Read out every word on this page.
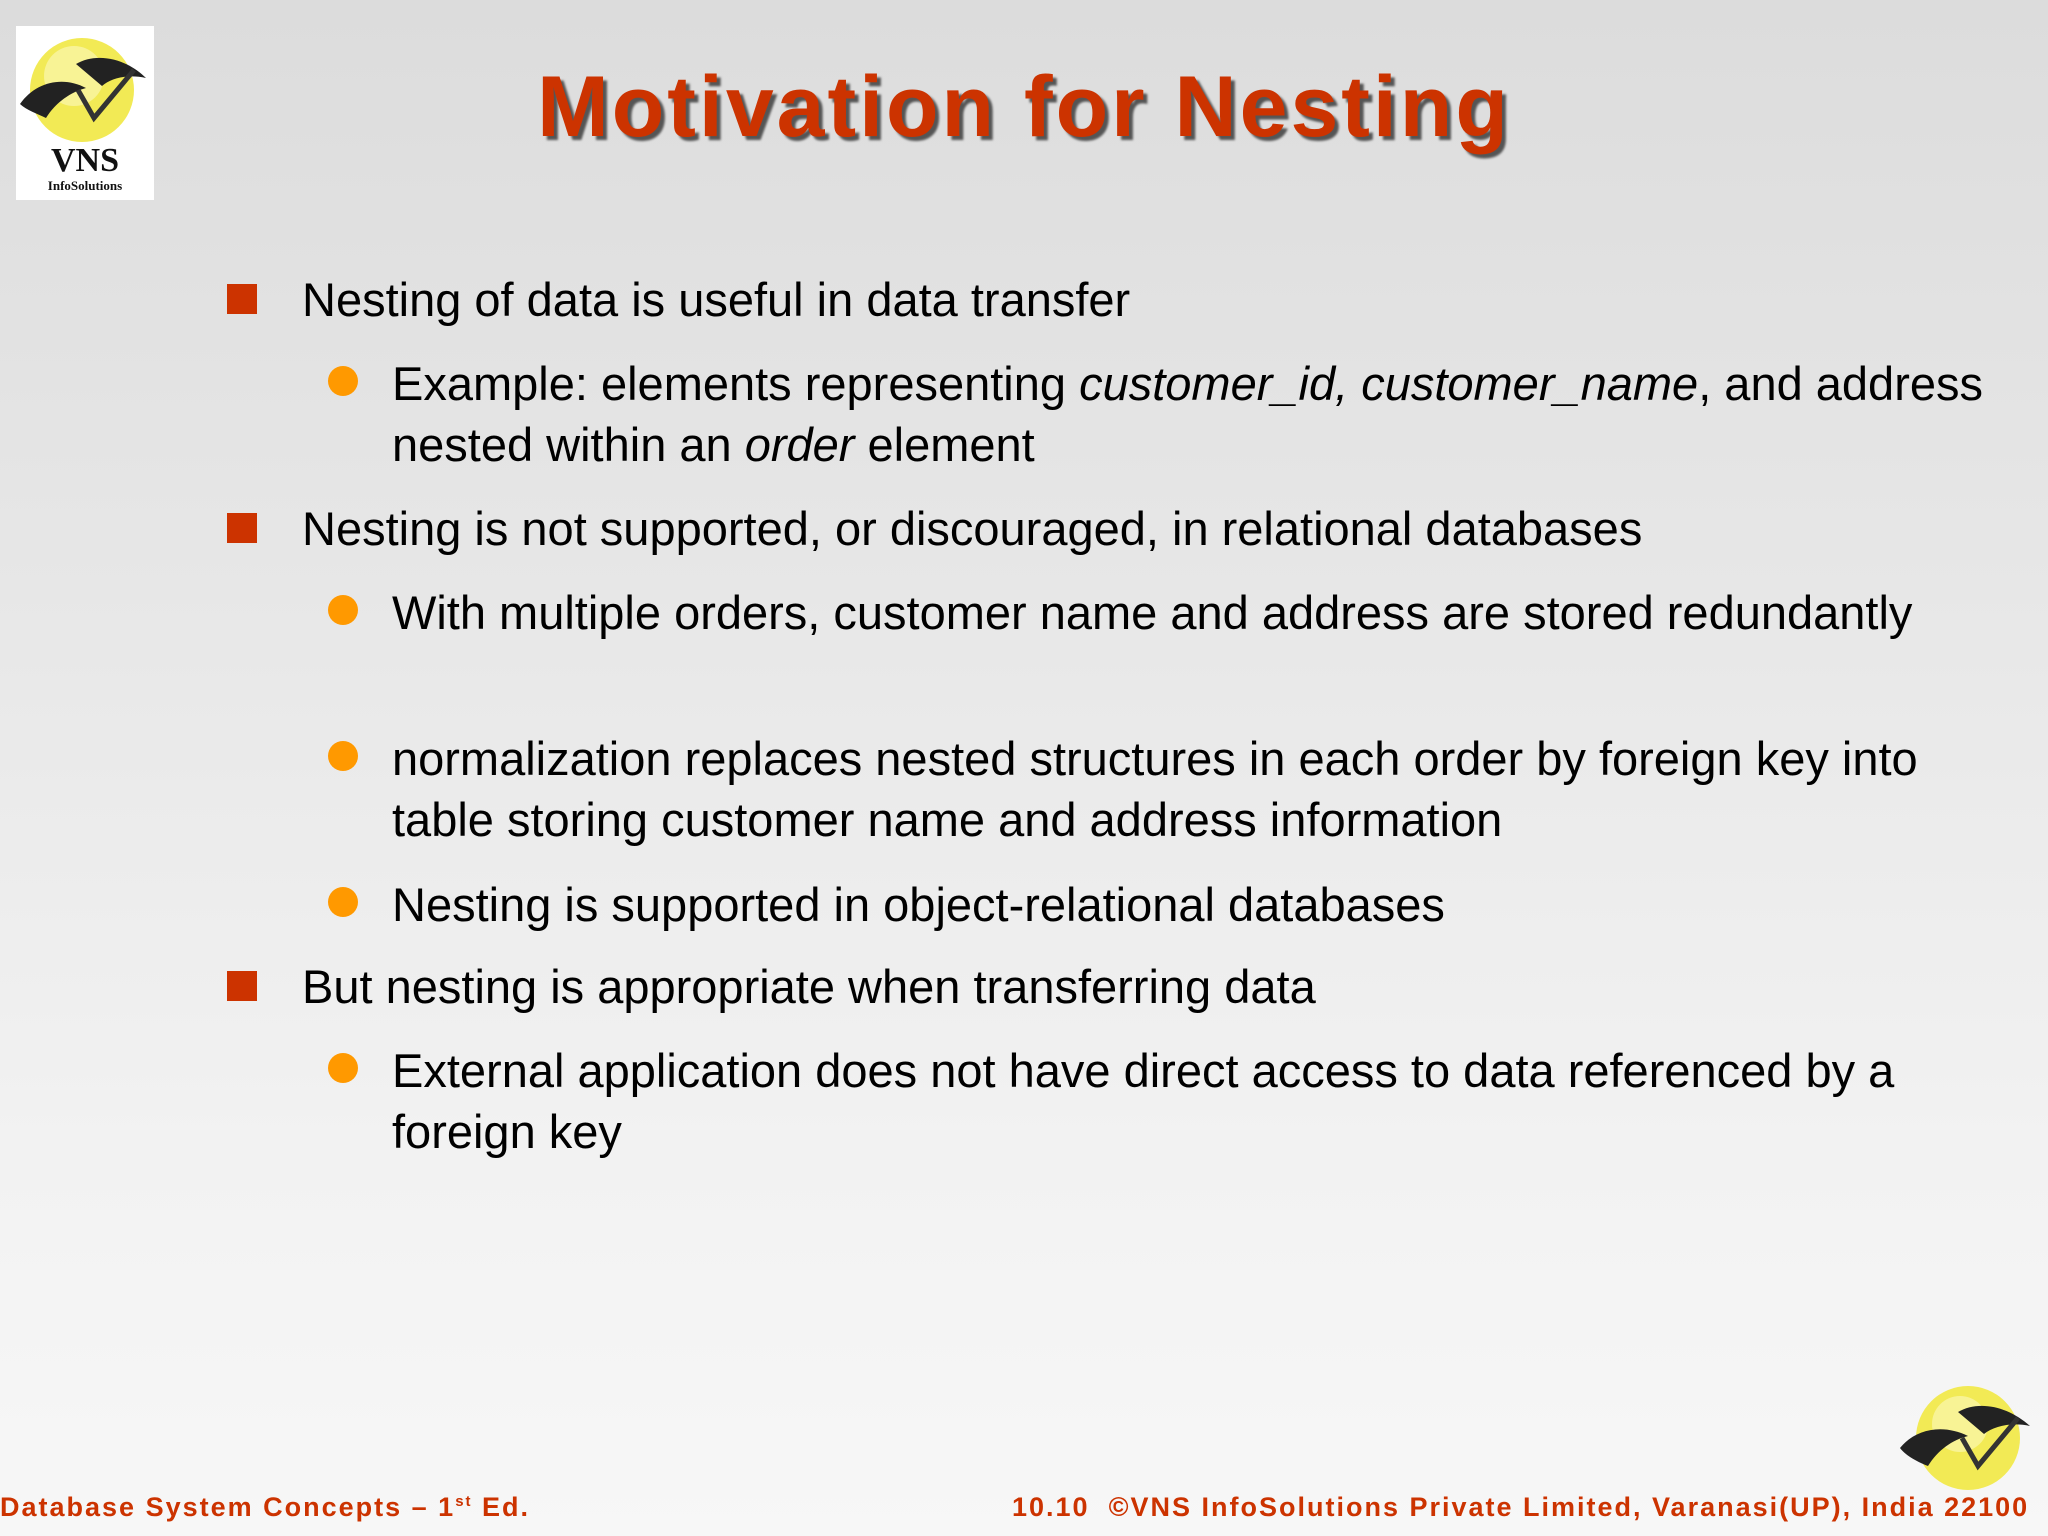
VNS
InfoSolutions
Motivation for Nesting
Nesting of data is useful in data transfer
Example: elements representing customer_id, customer_name, and address nested within an order element
Nesting is not supported, or discouraged, in relational databases
With multiple orders, customer name and address are stored redundantly
normalization replaces nested structures in each order by foreign key into table storing customer name and address information
Nesting is supported in object-relational databases
But nesting is appropriate when transferring data
External application does not have direct access to data referenced by a foreign key
Database System Concepts – 1st Ed.	10.10 ©VNS InfoSolutions Private Limited, Varanasi(UP), India 22100
